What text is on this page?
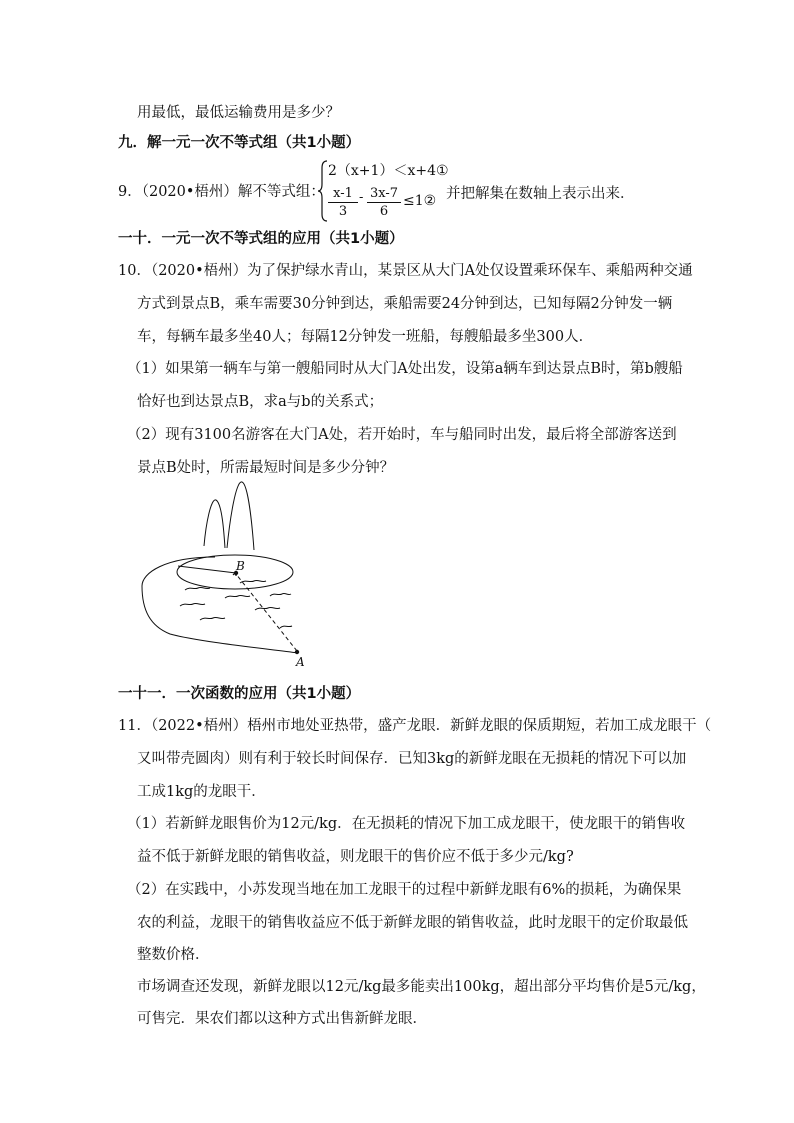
用最低，最低运输费用是多少？
九．解一元一次不等式组（共1小题）
9．（2020•梧州）解不等式组：
2（x+1）＜x+4①
$\frac{x-1}{3} - \frac{3x-7}{6}$ ≤1② 并把解集在数轴上表示出来．
一十．一元一次不等式组的应用（共1小题）
10．（2020•梧州）为了保护绿水青山，某景区从大门A处仅设置乘环保车、乘船两种交通
方式到景点B，乘车需要30分钟到达，乘船需要24分钟到达，已知每隔2分钟发一辆
车，每辆车最多坐40人；每隔12分钟发一班船，每艘船最多坐300人．
（1）如果第一辆车与第一艘船同时从大门A处出发，设第a辆车到达景点B时，第b艘船
恰好也到达景点B，求a与b的关系式；
（2）现有3100名游客在大门A处，若开始时，车与船同时出发，最后将全部游客送到
景点B处时，所需最短时间是多少分钟？
B
A
一十一．一次函数的应用（共1小题）
11．（2022•梧州）梧州市地处亚热带，盛产龙眼．新鲜龙眼的保质期短，若加工成龙眼干（
又叫带壳圆肉）则有利于较长时间保存．已知3kg的新鲜龙眼在无损耗的情况下可以加
工成1kg的龙眼干．
（1）若新鲜龙眼售价为12元/kg．在无损耗的情况下加工成龙眼干，使龙眼干的销售收
益不低于新鲜龙眼的销售收益，则龙眼干的售价应不低于多少元/kg?
（2）在实践中，小苏发现当地在加工龙眼干的过程中新鲜龙眼有6%的损耗，为确保果
农的利益，龙眼干的销售收益应不低于新鲜龙眼的销售收益，此时龙眼干的定价取最低
整数价格．
市场调查还发现，新鲜龙眼以12元/kg最多能卖出100kg，超出部分平均售价是5元/kg，
可售完．果农们都以这种方式出售新鲜龙眼．
